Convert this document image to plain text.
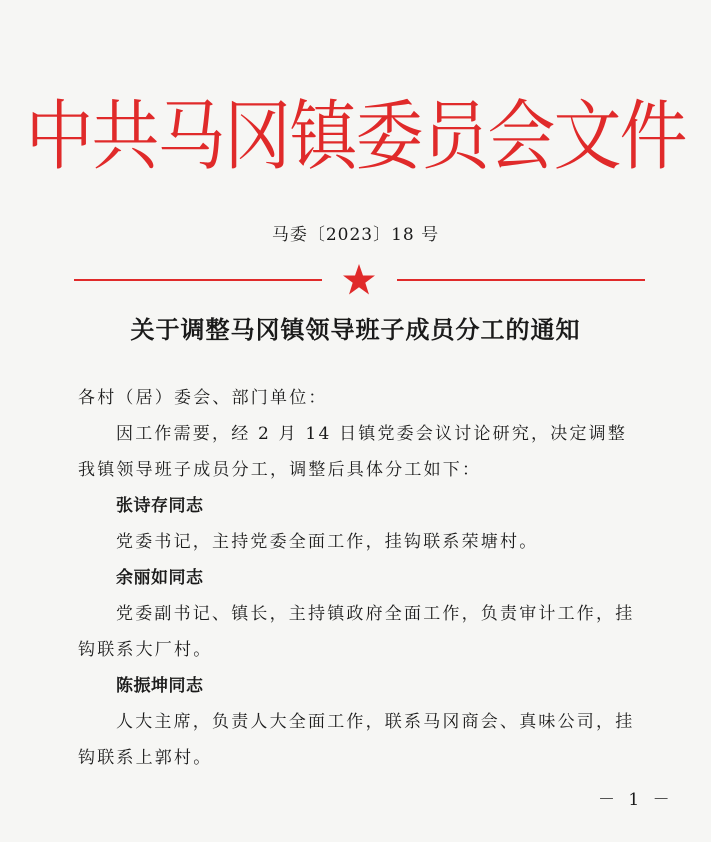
中共马冈镇委员会文件
马委〔2023〕18 号
关于调整马冈镇领导班子成员分工的通知

各村（居）委会、部门单位：

因工作需要，经 2 月 14 日镇党委会议讨论研究，决定调整我镇领导班子成员分工，调整后具体分工如下：

张诗存同志

党委书记，主持党委全面工作，挂钩联系荣塘村。

余丽如同志

党委副书记、镇长，主持镇政府全面工作，负责审计工作，挂钩联系大厂村。

陈振坤同志

人大主席，负责人大全面工作，联系马冈商会、真味公司，挂钩联系上郭村。

－ 1 －
